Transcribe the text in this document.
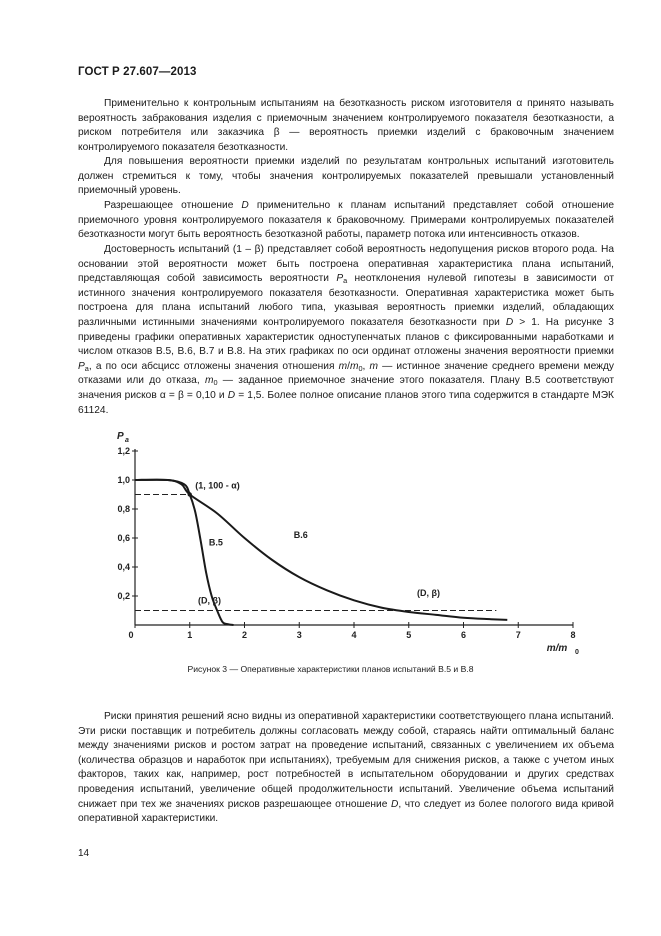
ГОСТ Р 27.607—2013

Применительно к контрольным испытаниям на безотказность риском изготовителя α принято называть вероятность забракования изделия с приемочным значением контролируемого показателя безотказности, а риском потребителя или заказчика β — вероятность приемки изделий с браковочным значением контролируемого показателя безотказности.

Для повышения вероятности приемки изделий по результатам контрольных испытаний изготовитель должен стремиться к тому, чтобы значения контролируемых показателей превышали установленный приемочный уровень.

Разрешающее отношение D применительно к планам испытаний представляет собой отношение приемочного уровня контролируемого показателя к браковочному. Примерами контролируемых показателей безотказности могут быть вероятность безотказной работы, параметр потока или интенсивность отказов.

Достоверность испытаний (1 – β) представляет собой вероятность недопущения рисков второго рода. На основании этой вероятности может быть построена оперативная характеристика плана испытаний, представляющая собой зависимость вероятности $P_a$ неотклонения нулевой гипотезы в зависимости от истинного значения контролируемого показателя безотказности. Оперативная характеристика может быть построена для плана испытаний любого типа, указывая вероятность приемки изделий, обладающих различными истинными значениями контролируемого показателя безотказности при D > 1. На рисунке 3 приведены графики оперативных характеристик одноступенчатых планов с фиксированными наработками и числом отказов В.5, В.6, В.7 и В.8. На этих графиках по оси ординат отложены значения вероятности приемки $P_a$, а по оси абсцисс отложены значения отношения $m/m_0$, m — истинное значение среднего времени между отказами или до отказа, $m_0$ — заданное приемочное значение этого показателя. Плану В.5 соответствуют значения рисков α = β = 0,10 и D = 1,5. Более полное описание планов этого типа содержится в стандарте МЭК 61124.

0,2
0,4
0,6
0,8
1,0
1,2
0	1	2	3	4	5	6	7	8
P a
m/m 0
(1, 100 - α)
В.5
В.6
(D, β)
(D, β)
Рисунок 3 — Оперативные характеристики планов испытаний В.5 и В.8

Риски принятия решений ясно видны из оперативной характеристики соответствующего плана испытаний. Эти риски поставщик и потребитель должны согласовать между собой, стараясь найти оптимальный баланс между значениями рисков и ростом затрат на проведение испытаний, связанных с увеличением их объема (количества образцов и наработок при испытаниях), требуемым для снижения рисков, а также с учетом иных факторов, таких как, например, рост потребностей в испытательном оборудовании и других средствах проведения испытаний, увеличение общей продолжительности испытаний. Увеличение объема испытаний снижает при тех же значениях рисков разрешающее отношение D, что следует из более пологого вида кривой оперативной характеристики.

14
